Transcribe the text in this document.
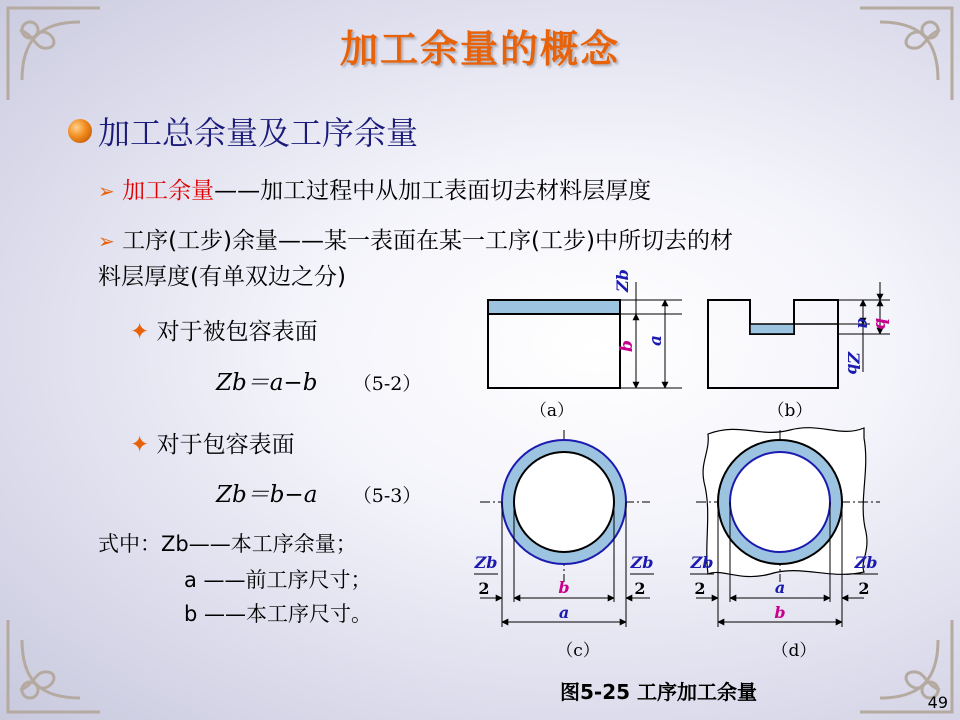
加工余量的概念
加工总余量及工序余量
➢ 加工余量——加工过程中从加工表面切去材料层厚度
➢ 工序(工步)余量——某一表面在某一工序(工步)中所切去的材
料层厚度(有单双边之分)
✦ 对于被包容表面
Zb＝a−b （5-2）
✦ 对于包容表面
Zb＝b−a （5-3）
式中：Zb——本工序余量；
a ——前工序尺寸；
b ——本工序尺寸。
Zb
b a
（a）
a
b
Zb
（b）
b
a
Zb
2
Zb
2
（c）
a
b
Zb
2
Zb
2
（d）
图5-25 工序加工余量	49
